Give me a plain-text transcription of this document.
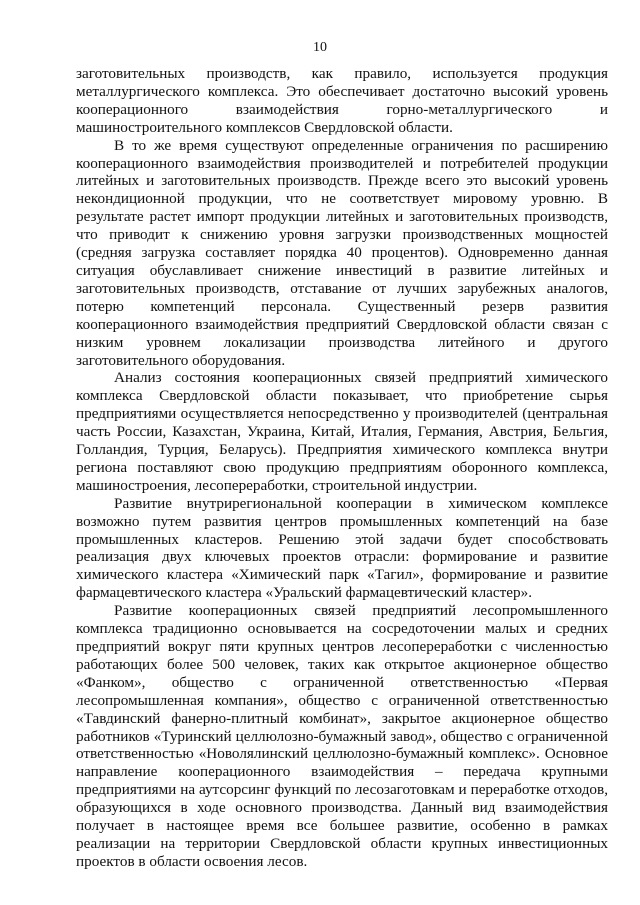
10

заготовительных производств, как правило, используется продукция металлургического комплекса. Это обеспечивает достаточно высокий уровень кооперационного взаимодействия горно-металлургического и машиностроительного комплексов Свердловской области.

В то же время существуют определенные ограничения по расширению кооперационного взаимодействия производителей и потребителей продукции литейных и заготовительных производств. Прежде всего это высокий уровень некондиционной продукции, что не соответствует мировому уровню. В результате растет импорт продукции литейных и заготовительных производств, что приводит к снижению уровня загрузки производственных мощностей (средняя загрузка составляет порядка 40 процентов). Одновременно данная ситуация обуславливает снижение инвестиций в развитие литейных и заготовительных производств, отставание от лучших зарубежных аналогов, потерю компетенций персонала. Существенный резерв развития кооперационного взаимодействия предприятий Свердловской области связан с низким уровнем локализации производства литейного и другого заготовительного оборудования.

Анализ состояния кооперационных связей предприятий химического комплекса Свердловской области показывает, что приобретение сырья предприятиями осуществляется непосредственно у производителей (центральная часть России, Казахстан, Украина, Китай, Италия, Германия, Австрия, Бельгия, Голландия, Турция, Беларусь). Предприятия химического комплекса внутри региона поставляют свою продукцию предприятиям оборонного комплекса, машиностроения, лесопереработки, строительной индустрии.

Развитие внутрирегиональной кооперации в химическом комплексе возможно путем развития центров промышленных компетенций на базе промышленных кластеров. Решению этой задачи будет способствовать реализация двух ключевых проектов отрасли: формирование и развитие химического кластера «Химический парк «Тагил», формирование и развитие фармацевтического кластера «Уральский фармацевтический кластер».

Развитие кооперационных связей предприятий лесопромышленного комплекса традиционно основывается на сосредоточении малых и средних предприятий вокруг пяти крупных центров лесопереработки с численностью работающих более 500 человек, таких как открытое акционерное общество «Фанком», общество с ограниченной ответственностью «Первая лесопромышленная компания», общество с ограниченной ответственностью «Тавдинский фанерно-плитный комбинат», закрытое акционерное общество работников «Туринский целлюлозно-бумажный завод», общество с ограниченной ответственностью «Новолялинский целлюлозно-бумажный комплекс». Основное направление кооперационного взаимодействия – передача крупными предприятиями на аутсорсинг функций по лесозаготовкам и переработке отходов, образующихся в ходе основного производства. Данный вид взаимодействия получает в настоящее время все большее развитие, особенно в рамках реализации на территории Свердловской области крупных инвестиционных проектов в области освоения лесов.
